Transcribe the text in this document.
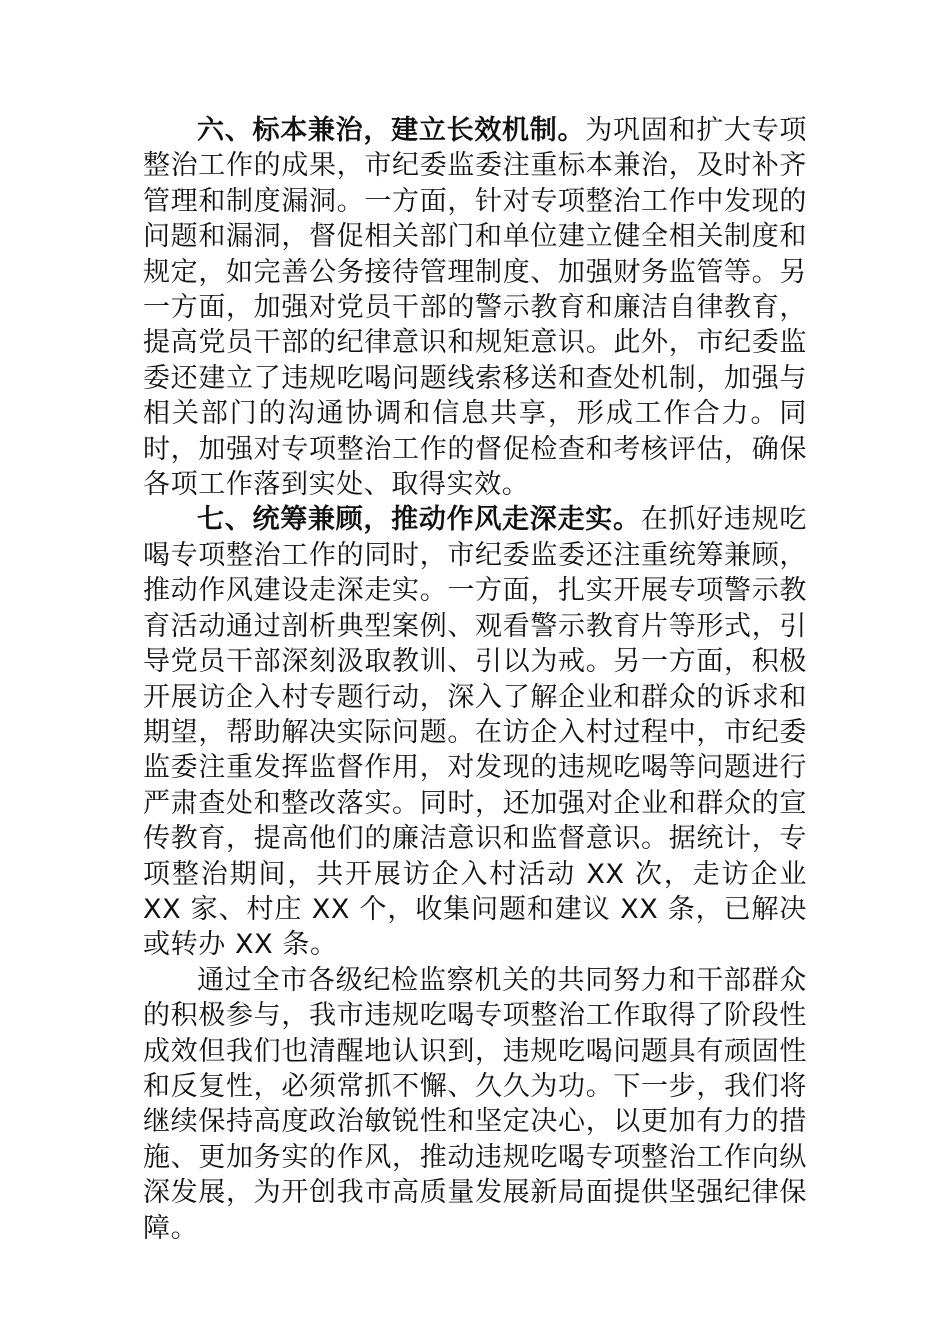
六、标本兼治，建立长效机制。为巩固和扩大专项整治工作的成果，市纪委监委注重标本兼治，及时补齐管理和制度漏洞。一方面，针对专项整治工作中发现的问题和漏洞，督促相关部门和单位建立健全相关制度和规定，如完善公务接待管理制度、加强财务监管等。另一方面，加强对党员干部的警示教育和廉洁自律教育，提高党员干部的纪律意识和规矩意识。此外，市纪委监委还建立了违规吃喝问题线索移送和查处机制，加强与相关部门的沟通协调和信息共享，形成工作合力。同时，加强对专项整治工作的督促检查和考核评估，确保各项工作落到实处、取得实效。

七、统筹兼顾，推动作风走深走实。在抓好违规吃喝专项整治工作的同时，市纪委监委还注重统筹兼顾，推动作风建设走深走实。一方面，扎实开展专项警示教育活动通过剖析典型案例、观看警示教育片等形式，引导党员干部深刻汲取教训、引以为戒。另一方面，积极开展访企入村专题行动，深入了解企业和群众的诉求和期望，帮助解决实际问题。在访企入村过程中，市纪委监委注重发挥监督作用，对发现的违规吃喝等问题进行严肃查处和整改落实。同时，还加强对企业和群众的宣传教育，提高他们的廉洁意识和监督意识。据统计，专项整治期间，共开展访企入村活动 XX 次，走访企业 XX 家、村庄 XX 个，收集问题和建议 XX 条，已解决或转办 XX 条。

通过全市各级纪检监察机关的共同努力和干部群众的积极参与，我市违规吃喝专项整治工作取得了阶段性成效但我们也清醒地认识到，违规吃喝问题具有顽固性和反复性，必须常抓不懈、久久为功。下一步，我们将继续保持高度政治敏锐性和坚定决心，以更加有力的措施、更加务实的作风，推动违规吃喝专项整治工作向纵深发展，为开创我市高质量发展新局面提供坚强纪律保障。
